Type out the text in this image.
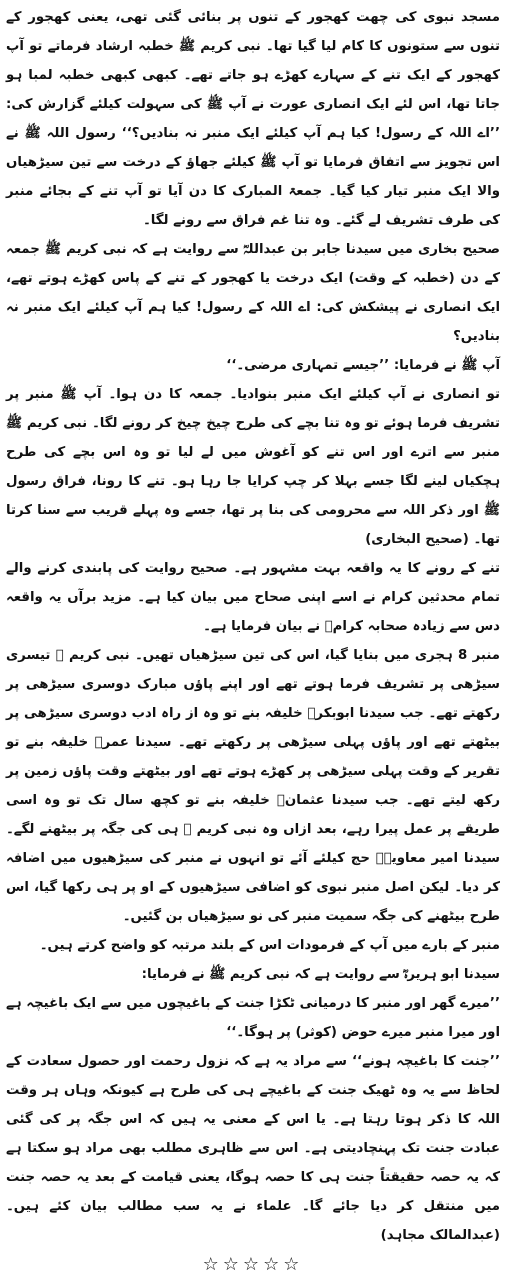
مسجد نبوی کی چھت کھجور کے تنوں پر بنائی گئی تھی، یعنی کھجور کے تنوں سے ستونوں کا کام لیا گیا تھا۔ نبی کریم ﷺ خطبہ ارشاد فرماتے تو آپ کھجور کے ایک تنے کے سہارے کھڑے ہو جاتے تھے۔ کبھی کبھی خطبہ لمبا ہو جاتا تھا، اس لئے ایک انصاری عورت نے آپ ﷺ کی سہولت کیلئے گزارش کی: ’’اے اللہ کے رسول! کیا ہم آپ کیلئے ایک منبر نہ بنادیں؟‘‘ رسول اللہ ﷺ نے اس تجویز سے اتفاق فرمایا تو آپ ﷺ کیلئے جھاؤ کے درخت سے تین سیڑھیاں والا ایک منبر تیار کیا گیا۔ جمعۃ المبارک کا دن آیا تو آپ تنے کے بجائے منبر کی طرف تشریف لے گئے۔ وہ تنا غم فراق سے رونے لگا۔

صحیح بخاری میں سیدنا جابر بن عبداللہؓ سے روایت ہے کہ نبی کریم ﷺ جمعہ کے دن (خطبہ کے وقت) ایک درخت یا کھجور کے تنے کے پاس کھڑے ہوتے تھے، ایک انصاری نے پیشکش کی: اے اللہ کے رسول! کیا ہم آپ کیلئے ایک منبر نہ بنادیں؟

آپ ﷺ نے فرمایا: ’’جیسے تمہاری مرضی۔‘‘

تو انصاری نے آپ کیلئے ایک منبر بنوادیا۔ جمعہ کا دن ہوا۔ آپ ﷺ منبر پر تشریف فرما ہوئے تو وہ تنا بچے کی طرح چیخ چیخ کر رونے لگا۔ نبی کریم ﷺ منبر سے اترے اور اس تنے کو آغوش میں لے لیا تو وہ اس بچے کی طرح ہچکیاں لینے لگا جسے بہلا کر چپ کرایا جا رہا ہو۔ تنے کا رونا، فراق رسول ﷺ اور ذکر اللہ سے محرومی کی بنا پر تھا، جسے وہ پہلے قریب سے سنا کرتا تھا۔ (صحیح البخاری)

تنے کے رونے کا یہ واقعہ بہت مشہور ہے۔ صحیح روایت کی پابندی کرنے والے تمام محدثین کرام نے اسے اپنی صحاح میں بیان کیا ہے۔ مزید برآں یہ واقعہ دس سے زیادہ صحابہ کرامؓ نے بیان فرمایا ہے۔

منبر 8 ہجری میں بنایا گیا، اس کی تین سیڑھیاں تھیں۔ نبی کریم ﷺ تیسری سیڑھی پر تشریف فرما ہوتے تھے اور اپنے پاؤں مبارک دوسری سیڑھی پر رکھتے تھے۔ جب سیدنا ابوبکرؓ خلیفہ بنے تو وہ از راہ ادب دوسری سیڑھی پر بیٹھتے تھے اور پاؤں پہلی سیڑھی پر رکھتے تھے۔ سیدنا عمرؓ خلیفہ بنے تو تقریر کے وقت پہلی سیڑھی پر کھڑے ہوتے تھے اور بیٹھتے وقت پاؤں زمین پر رکھ لیتے تھے۔ جب سیدنا عثمانؓ خلیفہ بنے تو کچھ سال تک تو وہ اسی طریقے پر عمل پیرا رہے، بعد ازاں وہ نبی کریم ﷺ ہی کی جگہ پر بیٹھنے لگے۔ سیدنا امیر معاویہؓ حج کیلئے آئے تو انہوں نے منبر کی سیڑھیوں میں اضافہ کر دیا۔ لیکن اصل منبر نبوی کو اضافی سیڑھیوں کے او پر ہی رکھا گیا، اس طرح بیٹھنے کی جگہ سمیت منبر کی نو سیڑھیاں بن گئیں۔

منبر کے بارے میں آپ کے فرمودات اس کے بلند مرتبہ کو واضح کرتے ہیں۔

سیدنا ابو ہریرہؓ سے روایت ہے کہ نبی کریم ﷺ نے فرمایا:

’’میرے گھر اور منبر کا درمیانی ٹکڑا جنت کے باغیچوں میں سے ایک باغیچہ ہے اور میرا منبر میرے حوض (کوثر) پر ہوگا۔‘‘

’’جنت کا باغیچہ ہونے‘‘ سے مراد یہ ہے کہ نزول رحمت اور حصول سعادت کے لحاظ سے یہ وہ ٹھیک جنت کے باغیچے ہی کی طرح ہے کیونکہ وہاں ہر وقت اللہ کا ذکر ہوتا رہتا ہے۔ یا اس کے معنی یہ ہیں کہ اس جگہ پر کی گئی عبادت جنت تک پہنچادیتی ہے۔ اس سے ظاہری مطلب بھی مراد ہو سکتا ہے کہ یہ حصہ حقیقتاً جنت ہی کا حصہ ہوگا، یعنی قیامت کے بعد یہ حصہ جنت میں منتقل کر دیا جائے گا۔ علماء نے یہ سب مطالب بیان کئے ہیں۔ (عبدالمالک مجاہد)

☆☆☆☆☆
